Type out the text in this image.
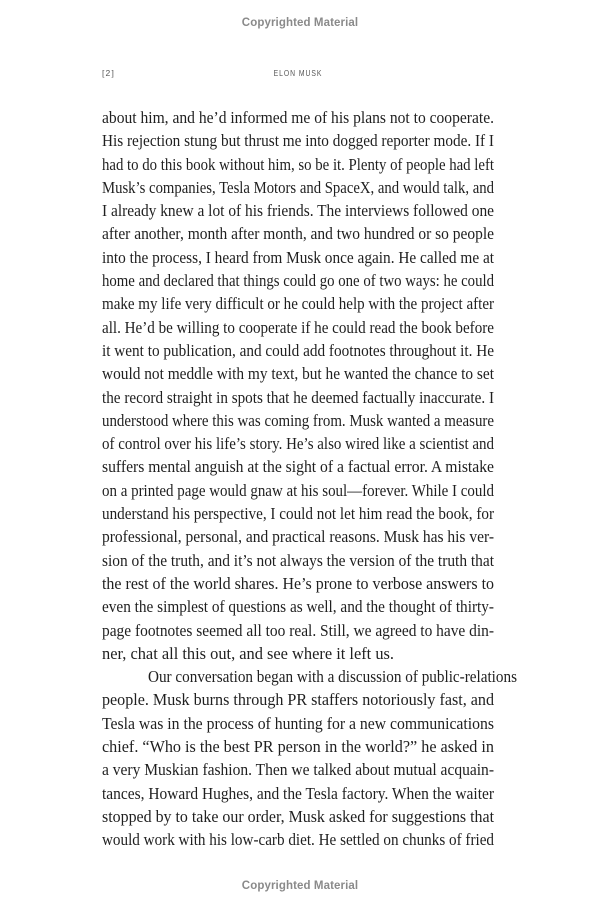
Copyrighted Material
[2]	ELON MUSK
about him, and he’d informed me of his plans not to cooperate.
His rejection stung but thrust me into dogged reporter mode. If I
had to do this book without him, so be it. Plenty of people had left
Musk’s companies, Tesla Motors and SpaceX, and would talk, and
I already knew a lot of his friends. The interviews followed one
after another, month after month, and two hundred or so people
into the process, I heard from Musk once again. He called me at
home and declared that things could go one of two ways: he could
make my life very difficult or he could help with the project after
all. He’d be willing to cooperate if he could read the book before
it went to publication, and could add footnotes throughout it. He
would not meddle with my text, but he wanted the chance to set
the record straight in spots that he deemed factually inaccurate. I
understood where this was coming from. Musk wanted a measure
of control over his life’s story. He’s also wired like a scientist and
suffers mental anguish at the sight of a factual error. A mistake
on a printed page would gnaw at his soul—forever. While I could
understand his perspective, I could not let him read the book, for
professional, personal, and practical reasons. Musk has his ver-
sion of the truth, and it’s not always the version of the truth that
the rest of the world shares. He’s prone to verbose answers to
even the simplest of questions as well, and the thought of thirty-
page footnotes seemed all too real. Still, we agreed to have din-
ner, chat all this out, and see where it left us.
Our conversation began with a discussion of public-relations
people. Musk burns through PR staffers notoriously fast, and
Tesla was in the process of hunting for a new communications
chief. “Who is the best PR person in the world?” he asked in
a very Muskian fashion. Then we talked about mutual acquain-
tances, Howard Hughes, and the Tesla factory. When the waiter
stopped by to take our order, Musk asked for suggestions that
would work with his low-carb diet. He settled on chunks of fried
Copyrighted Material
